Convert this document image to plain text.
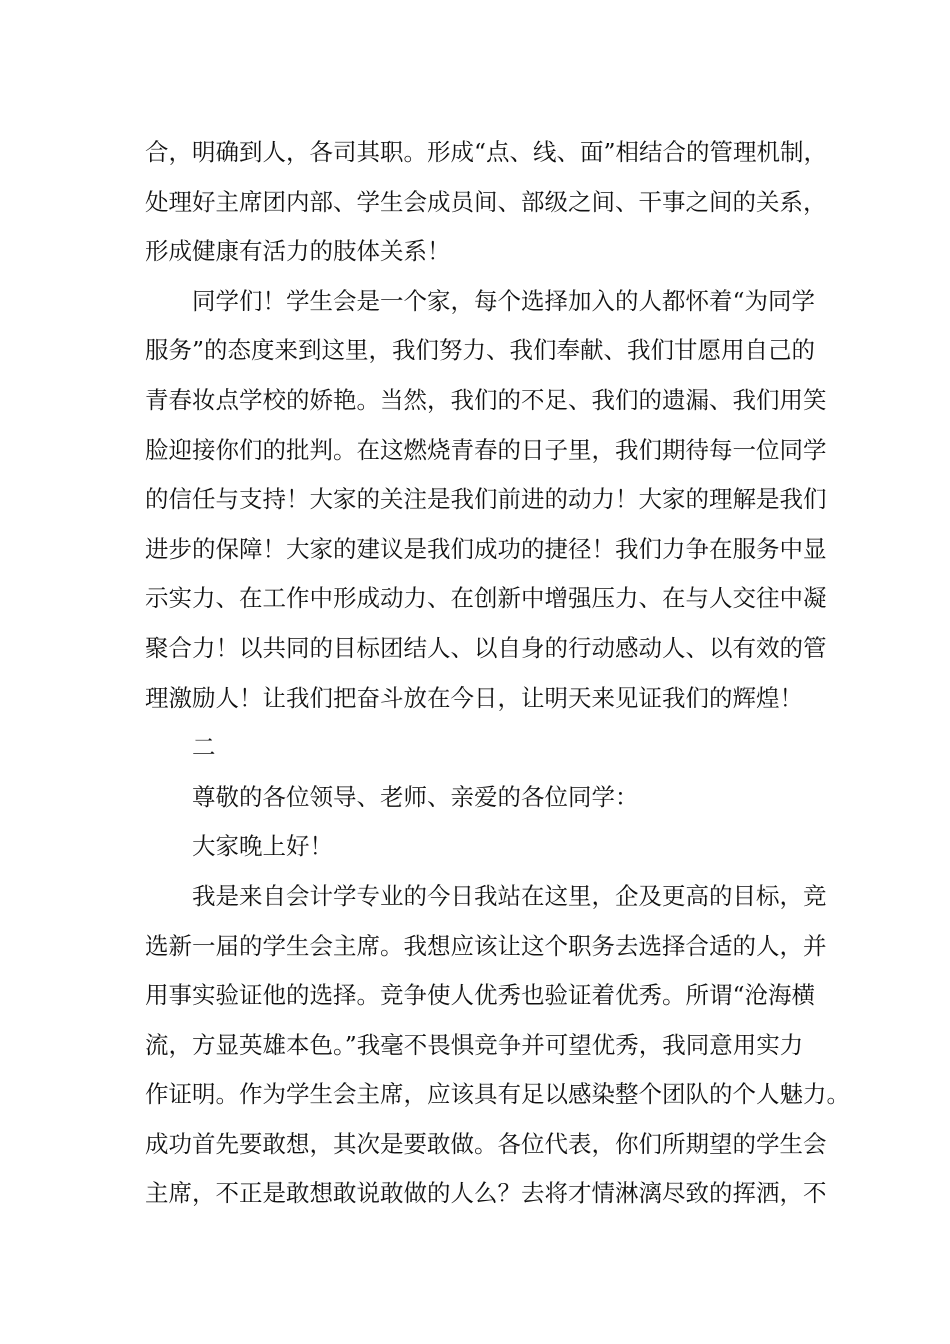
合，明确到人，各司其职。形成“点、线、面”相结合的管理机制，
处理好主席团内部、学生会成员间、部级之间、干事之间的关系，
形成健康有活力的肢体关系！
同学们！学生会是一个家，每个选择加入的人都怀着“为同学
服务”的态度来到这里，我们努力、我们奉献、我们甘愿用自己的
青春妆点学校的娇艳。当然，我们的不足、我们的遗漏、我们用笑
脸迎接你们的批判。在这燃烧青春的日子里，我们期待每一位同学
的信任与支持！大家的关注是我们前进的动力！大家的理解是我们
进步的保障！大家的建议是我们成功的捷径！我们力争在服务中显
示实力、在工作中形成动力、在创新中增强压力、在与人交往中凝
聚合力！以共同的目标团结人、以自身的行动感动人、以有效的管
理激励人！让我们把奋斗放在今日，让明天来见证我们的辉煌！
二
尊敬的各位领导、老师、亲爱的各位同学：
大家晚上好！
我是来自会计学专业的今日我站在这里，企及更高的目标，竞
选新一届的学生会主席。我想应该让这个职务去选择合适的人，并
用事实验证他的选择。竞争使人优秀也验证着优秀。所谓“沧海横
流，方显英雄本色。”我毫不畏惧竞争并可望优秀，我同意用实力
作证明。作为学生会主席，应该具有足以感染整个团队的个人魅力。
成功首先要敢想，其次是要敢做。各位代表，你们所期望的学生会
主席，不正是敢想敢说敢做的人么？去将才情淋漓尽致的挥洒，不
